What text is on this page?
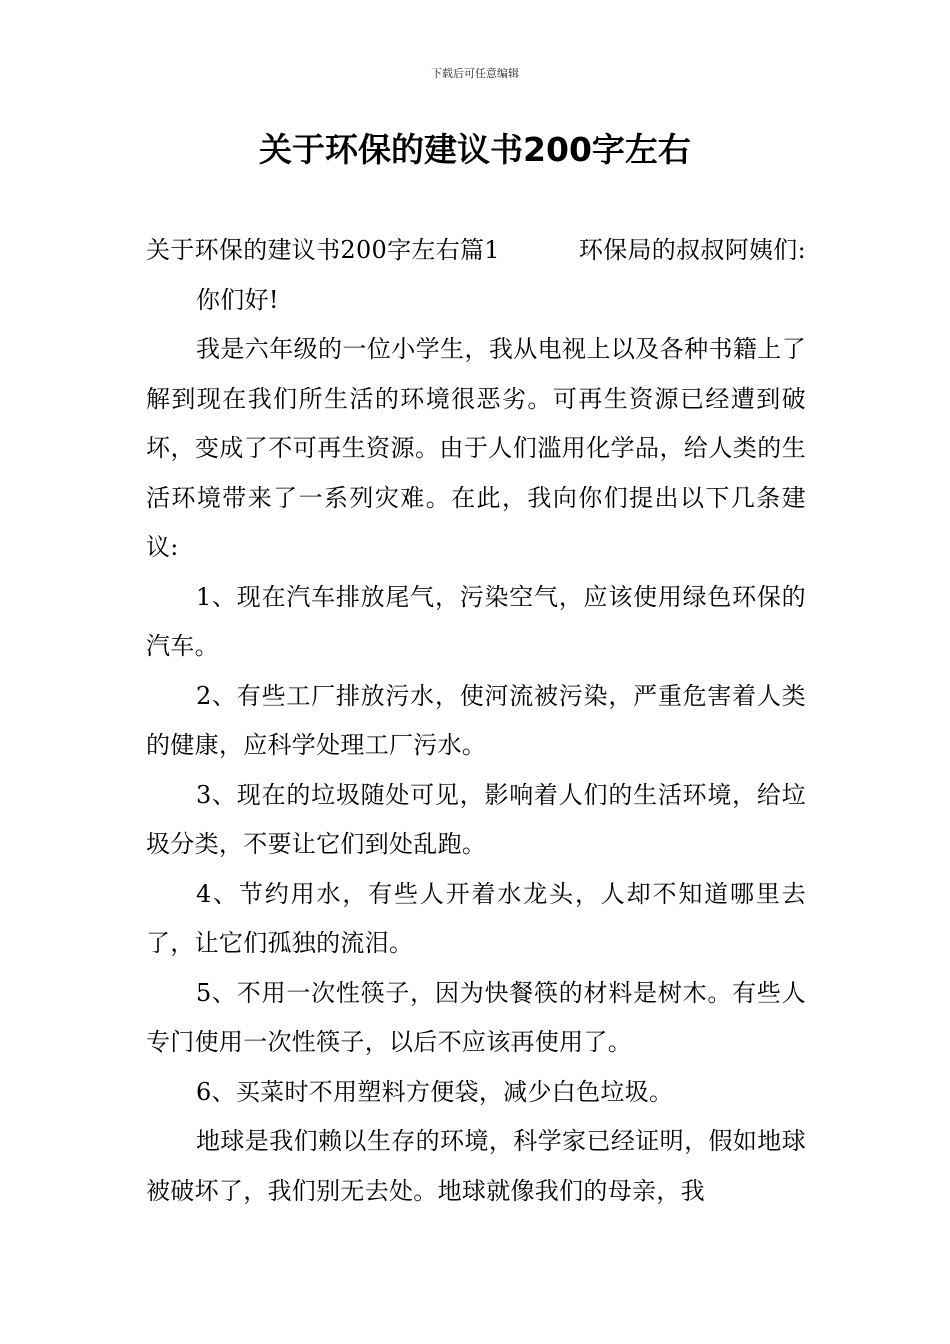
下载后可任意编辑
关于环保的建议书200字左右

关于环保的建议书200字左右篇1	环保局的叔叔阿姨们:

你们好!

我是六年级的一位小学生，我从电视上以及各种书籍上了解到现在我们所生活的环境很恶劣。可再生资源已经遭到破坏，变成了不可再生资源。由于人们滥用化学品，给人类的生活环境带来了一系列灾难。在此，我向你们提出以下几条建议:

1、现在汽车排放尾气，污染空气，应该使用绿色环保的汽车。

2、有些工厂排放污水，使河流被污染，严重危害着人类的健康，应科学处理工厂污水。

3、现在的垃圾随处可见，影响着人们的生活环境，给垃圾分类，不要让它们到处乱跑。

4、节约用水，有些人开着水龙头，人却不知道哪里去了，让它们孤独的流泪。

5、不用一次性筷子，因为快餐筷的材料是树木。有些人专门使用一次性筷子，以后不应该再使用了。

6、买菜时不用塑料方便袋，减少白色垃圾。

地球是我们赖以生存的环境，科学家已经证明，假如地球被破坏了，我们别无去处。地球就像我们的母亲，我
